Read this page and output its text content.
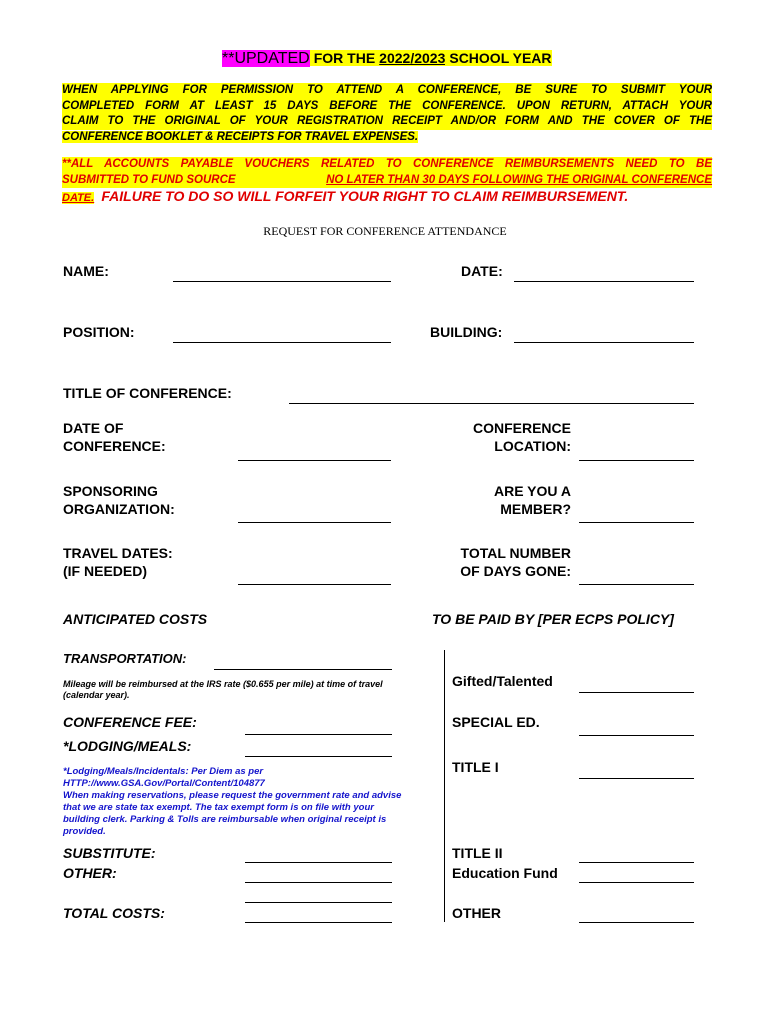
**UPDATED FOR THE 2022/2023 SCHOOL YEAR
WHEN APPLYING FOR PERMISSION TO ATTEND A CONFERENCE, BE SURE TO SUBMIT YOUR
COMPLETED FORM AT LEAST 15 DAYS BEFORE THE CONFERENCE. UPON RETURN, ATTACH YOUR
CLAIM TO THE ORIGINAL OF YOUR REGISTRATION RECEIPT AND/OR FORM AND THE COVER OF THE
CONFERENCE BOOKLET & RECEIPTS FOR TRAVEL EXPENSES.
**ALL ACCOUNTS PAYABLE VOUCHERS RELATED TO CONFERENCE REIMBURSEMENTS NEED TO BE
SUBMITTED TO FUND SOURCE	NO LATER THAN 30 DAYS FOLLOWING THE ORIGINAL CONFERENCE
DATE. FAILURE TO DO SO WILL FORFEIT YOUR RIGHT TO CLAIM REIMBURSEMENT.
REQUEST FOR CONFERENCE ATTENDANCE
NAME:	DATE:
POSITION:	BUILDING:
TITLE OF CONFERENCE:
DATE OF
CONFERENCE:
CONFERENCE
LOCATION:
SPONSORING
ORGANIZATION:
ARE YOU A
MEMBER?
TRAVEL DATES:
(IF NEEDED)
TOTAL NUMBER
OF DAYS GONE:
ANTICIPATED COSTS	TO BE PAID BY [PER ECPS POLICY]
TRANSPORTATION:
Mileage will be reimbursed at the IRS rate ($0.655 per mile) at time of travel
(calendar year).
CONFERENCE FEE:
*LODGING/MEALS:
*Lodging/Meals/Incidentals: Per Diem as per
HTTP://www.GSA.Gov/Portal/Content/104877
When making reservations, please request the government rate and advise
that we are state tax exempt. The tax exempt form is on file with your
building clerk. Parking & Tolls are reimbursable when original receipt is
provided.
SUBSTITUTE:
OTHER:
TOTAL COSTS:
Gifted/Talented
SPECIAL ED.
TITLE I
TITLE II
Education Fund
OTHER
